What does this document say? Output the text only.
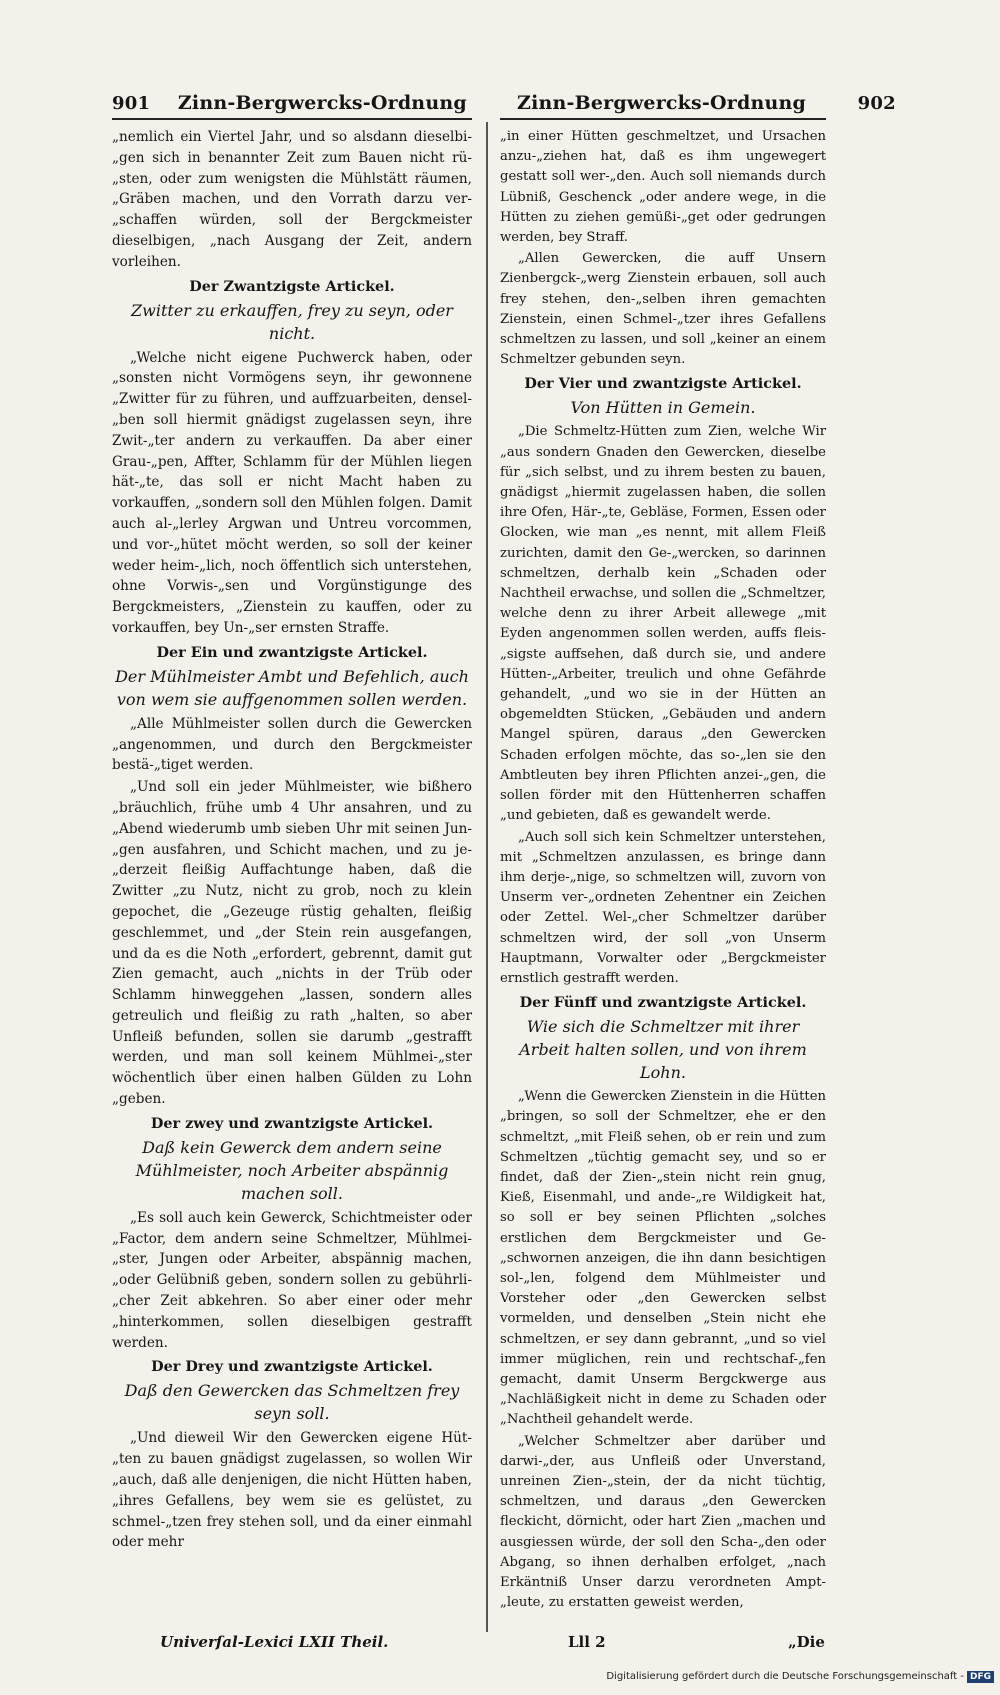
901 Zinn-Bergwercks-Ordnung	Zinn-Bergwercks-Ordnung	902

„nemlich ein Viertel Jahr, und so alsdann dieselbi-„gen sich in benannter Zeit zum Bauen nicht rü-„sten, oder zum wenigsten die Mühlstätt räumen, „Gräben machen, und den Vorrath darzu ver-„schaffen würden, soll der Bergckmeister dieselbigen, „nach Ausgang der Zeit, andern vorleihen.

Der Zwantzigste Artickel.

Zwitter zu erkauffen, frey zu seyn, oder nicht.

„Welche nicht eigene Puchwerck haben, oder „sonsten nicht Vormögens seyn, ihr gewonnene „Zwitter für zu führen, und auffzuarbeiten, densel-„ben soll hiermit gnädigst zugelassen seyn, ihre Zwit-„ter andern zu verkauffen. Da aber einer Grau-„pen, Affter, Schlamm für der Mühlen liegen hät-„te, das soll er nicht Macht haben zu vorkauffen, „sondern soll den Mühlen folgen. Damit auch al-„lerley Argwan und Untreu vorcommen, und vor-„hütet möcht werden, so soll der keiner weder heim-„lich, noch öffentlich sich unterstehen, ohne Vorwis-„sen und Vorgünstigunge des Bergckmeisters, „Zienstein zu kauffen, oder zu vorkauffen, bey Un-„ser ernsten Straffe.

Der Ein und zwantzigste Artickel.

Der Mühlmeister Ambt und Befehlich, auch von wem sie auffgenommen sollen werden.

„Alle Mühlmeister sollen durch die Gewercken „angenommen, und durch den Bergckmeister bestä-„tiget werden.

„Und soll ein jeder Mühlmeister, wie bißhero „bräuchlich, frühe umb 4 Uhr ansahren, und zu „Abend wiederumb umb sieben Uhr mit seinen Jun-„gen ausfahren, und Schicht machen, und zu je-„derzeit fleißig Auffachtunge haben, daß die Zwitter „zu Nutz, nicht zu grob, noch zu klein gepochet, die „Gezeuge rüstig gehalten, fleißig geschlemmet, und „der Stein rein ausgefangen, und da es die Noth „erfordert, gebrennt, damit gut Zien gemacht, auch „nichts in der Trüb oder Schlamm hinweggehen „lassen, sondern alles getreulich und fleißig zu rath „halten, so aber Unfleiß befunden, sollen sie darumb „gestrafft werden, und man soll keinem Mühlmei-„ster wöchentlich über einen halben Gülden zu Lohn „geben.

Der zwey und zwantzigste Artickel.

Daß kein Gewerck dem andern seine Mühlmeister, noch Arbeiter abspännig machen soll.

„Es soll auch kein Gewerck, Schichtmeister oder „Factor, dem andern seine Schmeltzer, Mühlmei-„ster, Jungen oder Arbeiter, abspännig machen, „oder Gelübniß geben, sondern sollen zu gebührli-„cher Zeit abkehren. So aber einer oder mehr „hinterkommen, sollen dieselbigen gestrafft werden.

Der Drey und zwantzigste Artickel.

Daß den Gewercken das Schmeltzen frey seyn soll.

„Und dieweil Wir den Gewercken eigene Hüt-„ten zu bauen gnädigst zugelassen, so wollen Wir „auch, daß alle denjenigen, die nicht Hütten haben, „ihres Gefallens, bey wem sie es gelüstet, zu schmel-„tzen frey stehen soll, und da einer einmahl oder mehr

„in einer Hütten geschmeltzet, und Ursachen anzu-„ziehen hat, daß es ihm ungewegert gestatt soll wer-„den. Auch soll niemands durch Lübniß, Geschenck „oder andere wege, in die Hütten zu ziehen gemüßi-„get oder gedrungen werden, bey Straff.

„Allen Gewercken, die auff Unsern Zienbergck-„werg Zienstein erbauen, soll auch frey stehen, den-„selben ihren gemachten Zienstein, einen Schmel-„tzer ihres Gefallens schmeltzen zu lassen, und soll „keiner an einem Schmeltzer gebunden seyn.

Der Vier und zwantzigste Artickel.

Von Hütten in Gemein.

„Die Schmeltz-Hütten zum Zien, welche Wir „aus sondern Gnaden den Gewercken, dieselbe für „sich selbst, und zu ihrem besten zu bauen, gnädigst „hiermit zugelassen haben, die sollen ihre Ofen, Här-„te, Gebläse, Formen, Essen oder Glocken, wie man „es nennt, mit allem Fleiß zurichten, damit den Ge-„wercken, so darinnen schmeltzen, derhalb kein „Schaden oder Nachtheil erwachse, und sollen die „Schmeltzer, welche denn zu ihrer Arbeit allewege „mit Eyden angenommen sollen werden, auffs fleis-„sigste auffsehen, daß durch sie, und andere Hütten-„Arbeiter, treulich und ohne Gefährde gehandelt, „und wo sie in der Hütten an obgemeldten Stücken, „Gebäuden und andern Mangel spüren, daraus „den Gewercken Schaden erfolgen möchte, das so-„len sie den Ambtleuten bey ihren Pflichten anzei-„gen, die sollen förder mit den Hüttenherren schaffen „und gebieten, daß es gewandelt werde.

„Auch soll sich kein Schmeltzer unterstehen, mit „Schmeltzen anzulassen, es bringe dann ihm derje-„nige, so schmeltzen will, zuvorn von Unserm ver-„ordneten Zehentner ein Zeichen oder Zettel. Wel-„cher Schmeltzer darüber schmeltzen wird, der soll „von Unserm Hauptmann, Vorwalter oder „Bergckmeister ernstlich gestrafft werden.

Der Fünff und zwantzigste Artickel.

Wie sich die Schmeltzer mit ihrer Arbeit halten sollen, und von ihrem Lohn.

„Wenn die Gewercken Zienstein in die Hütten „bringen, so soll der Schmeltzer, ehe er den schmeltzt, „mit Fleiß sehen, ob er rein und zum Schmeltzen „tüchtig gemacht sey, und so er findet, daß der Zien-„stein nicht rein gnug, Kieß, Eisenmahl, und ande-„re Wildigkeit hat, so soll er bey seinen Pflichten „solches erstlichen dem Bergckmeister und Ge-„schwornen anzeigen, die ihn dann besichtigen sol-„len, folgend dem Mühlmeister und Vorsteher oder „den Gewercken selbst vormelden, und denselben „Stein nicht ehe schmeltzen, er sey dann gebrannt, „und so viel immer müglichen, rein und rechtschaf-„fen gemacht, damit Unserm Bergckwerge aus „Nachläßigkeit nicht in deme zu Schaden oder „Nachtheil gehandelt werde.

„Welcher Schmeltzer aber darüber und darwi-„der, aus Unfleiß oder Unverstand, unreinen Zien-„stein, der da nicht tüchtig, schmeltzen, und daraus „den Gewercken fleckicht, dörnicht, oder hart Zien „machen und ausgiessen würde, der soll den Scha-„den oder Abgang, so ihnen derhalben erfolget, „nach Erkäntniß Unser darzu verordneten Ampt-„leute, zu erstatten geweist werden,

Univerſal-Lexici LXII Theil.	Lll 2	„Die
Digitalisierung gefördert durch die Deutsche Forschungsgemeinschaft - DFG
